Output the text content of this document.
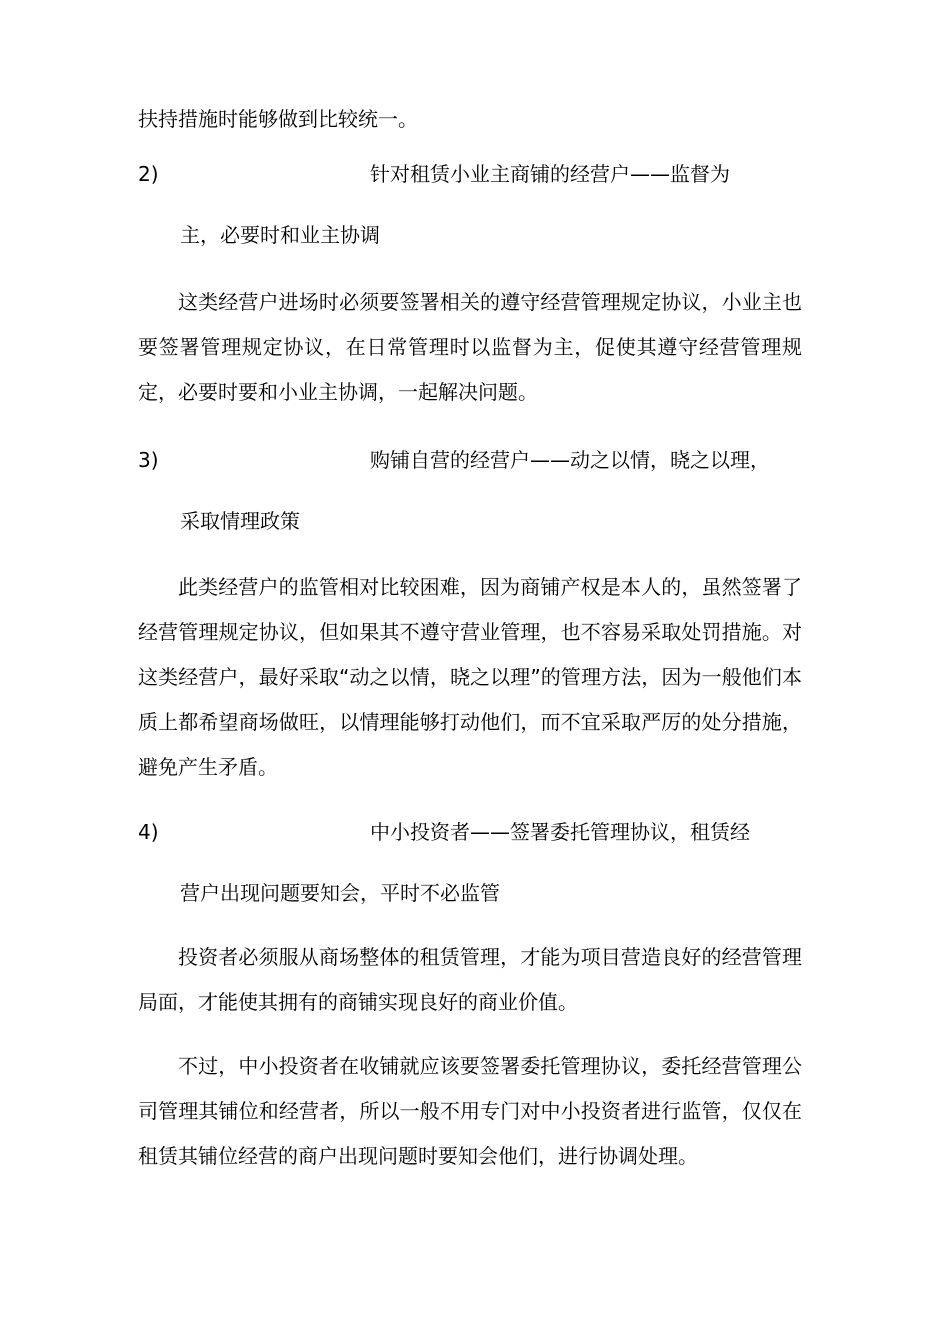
扶持措施时能够做到比较统一。
2)	针对租赁小业主商铺的经营户——监督为
主，必要时和业主协调

这类经营户进场时必须要签署相关的遵守经营管理规定协议，小业主也要签署管理规定协议，在日常管理时以监督为主，促使其遵守经营管理规定，必要时要和小业主协调，一起解决问题。

3)	购铺自营的经营户——动之以情，晓之以理，
采取情理政策

此类经营户的监管相对比较困难，因为商铺产权是本人的，虽然签署了经营管理规定协议，但如果其不遵守营业管理，也不容易采取处罚措施。对这类经营户，最好采取“动之以情，晓之以理”的管理方法，因为一般他们本质上都希望商场做旺，以情理能够打动他们，而不宜采取严厉的处分措施，避免产生矛盾。

4)	中小投资者——签署委托管理协议，租赁经
营户出现问题要知会，平时不必监管

投资者必须服从商场整体的租赁管理，才能为项目营造良好的经营管理局面，才能使其拥有的商铺实现良好的商业价值。

不过，中小投资者在收铺就应该要签署委托管理协议，委托经营管理公司管理其铺位和经营者，所以一般不用专门对中小投资者进行监管，仅仅在租赁其铺位经营的商户出现问题时要知会他们，进行协调处理。
